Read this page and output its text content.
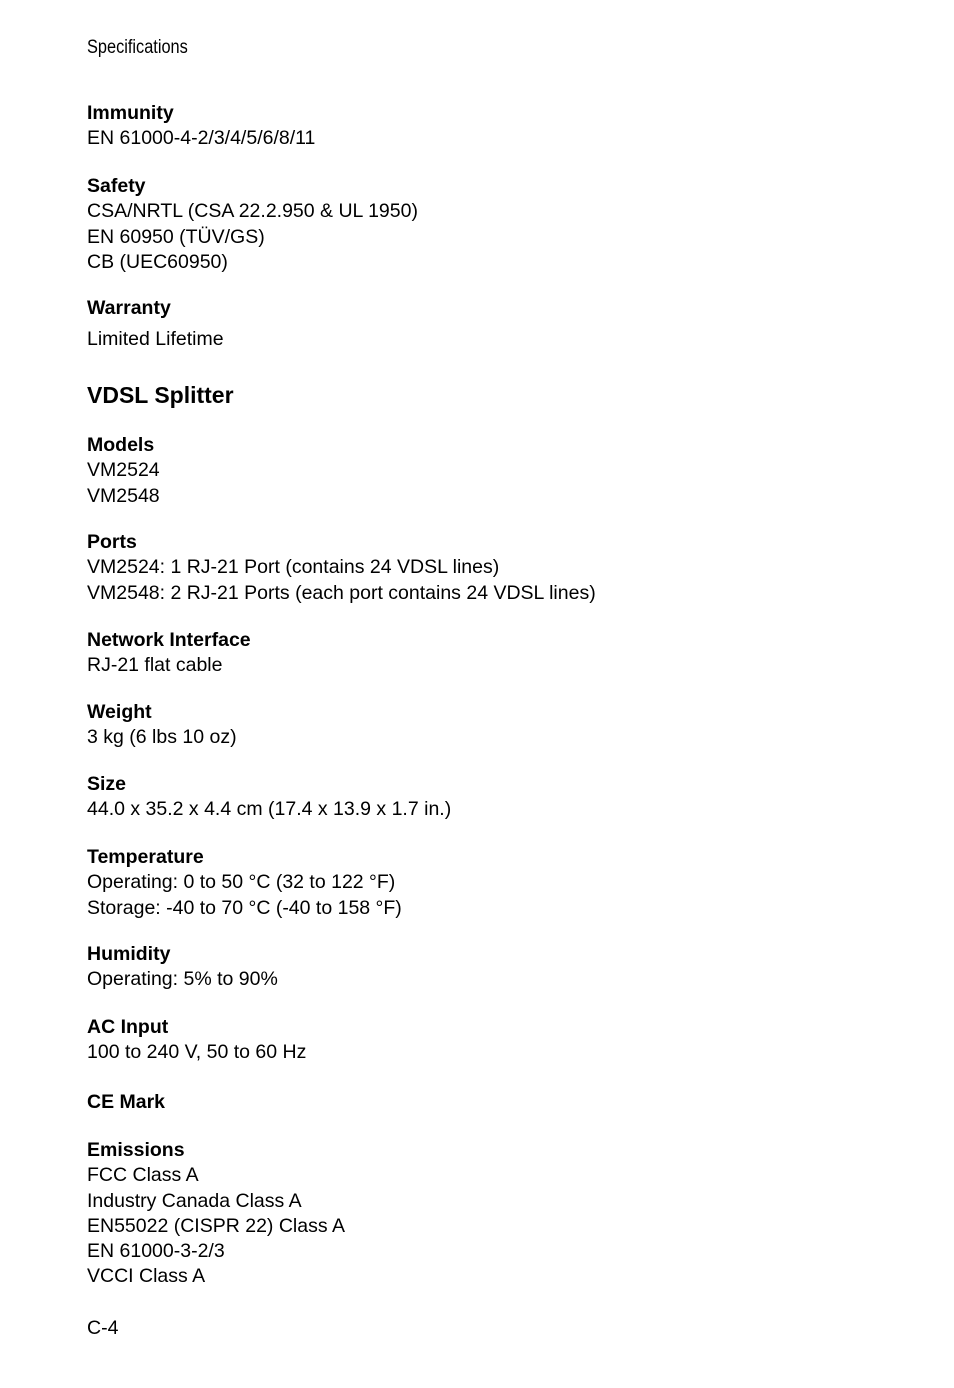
Specifications
Immunity
EN 61000-4-2/3/4/5/6/8/11
Safety
CSA/NRTL (CSA 22.2.950 & UL 1950)
EN 60950 (TÜV/GS)
CB (UEC60950)
Warranty
Limited Lifetime
VDSL Splitter
Models
VM2524
VM2548
Ports
VM2524: 1 RJ-21 Port (contains 24 VDSL lines)
VM2548: 2 RJ-21 Ports (each port contains 24 VDSL lines)
Network Interface
RJ-21 flat cable
Weight
3 kg (6 lbs 10 oz)
Size
44.0 x 35.2 x 4.4 cm (17.4 x 13.9 x 1.7 in.)
Temperature
Operating: 0 to 50 °C (32 to 122 °F)
Storage: -40 to 70 °C (-40 to 158 °F)
Humidity
Operating: 5% to 90%
AC Input
100 to 240 V, 50 to 60 Hz
CE Mark
Emissions
FCC Class A
Industry Canada Class A
EN55022 (CISPR 22) Class A
EN 61000-3-2/3
VCCI Class A
C-4
